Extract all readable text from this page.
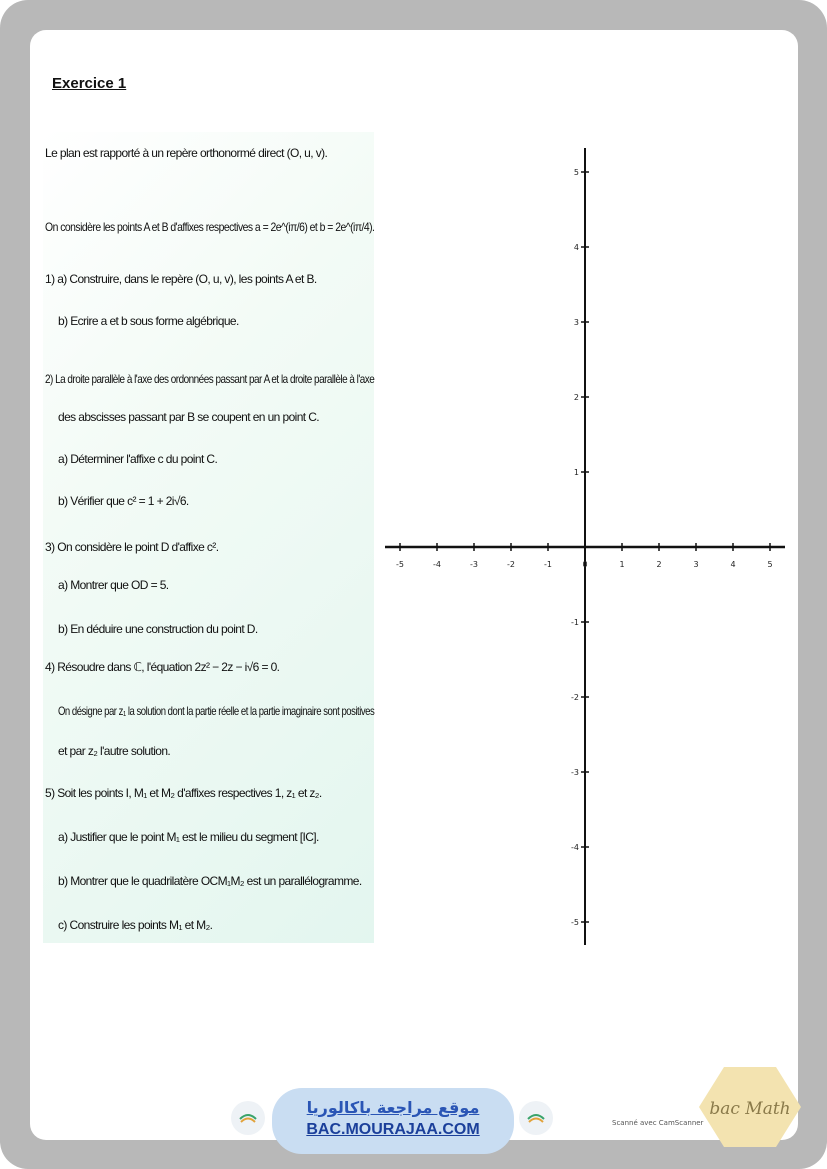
Exercice 1
Le plan est rapporté à un repère orthonormé direct (O, u, v).
On considère les points A et B d'affixes respectives a = 2e^(iπ/6) et b = 2e^(iπ/4).
1) a) Construire, dans le repère (O, u, v), les points A et B.
b) Ecrire a et b sous forme algébrique.
2) La droite parallèle à l'axe des ordonnées passant par A et la droite parallèle à l'axe
des abscisses passant par B se coupent en un point C.
a) Déterminer l'affixe c du point C.
b) Vérifier que c² = 1 + 2i√6.
3) On considère le point D d'affixe c².
a) Montrer que OD = 5.
b) En déduire une construction du point D.
4) Résoudre dans ℂ, l'équation 2z² − 2z − i√6 = 0.
On désigne par z₁ la solution dont la partie réelle et la partie imaginaire sont positives
et par z₂ l'autre solution.
5) Soit les points I, M₁ et M₂ d'affixes respectives 1, z₁ et z₂.
a) Justifier que le point M₁ est le milieu du segment [IC].
b) Montrer que le quadrilatère OCM₁M₂ est un parallélogramme.
c) Construire les points M₁ et M₂.
-5	-4	-3	-2	-1	0	1	2	3	4	5
5
4
3
2
1
-1
-2
-3
-4
-5
موقع مراجعة باكالوريا
BAC.MOURAJAA.COM	Scanné avec CamScanner
bac Math
